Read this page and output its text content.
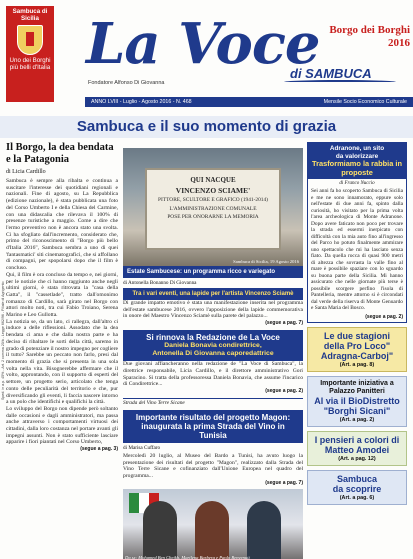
Sambuca di Sicilia
Uno dei Borghi più belli d'Italia La Voce Borgo dei Borghi
2016
di SAMBUCA
Fondatore Alfonso Di Giovanna
ANNO LVIII - Luglio - Agosto 2016 - N. 468	Mensile Socio Economico Culturale
Sambuca e il suo momento di grazia
Il Borgo, la dea bendata e la Patagonia
di Licia Cardillo

Sambuca è sempre alla ribalta e continua a suscitare l'interesse dei quotidiani regionali e nazionali. Fine di agosto, su La Repubblica (edizione nazionale), è stata pubblicata una foto del Corso Umberto I e della Chiesa del Carmine, con una didascalia che rilevava il 100% di presenze turistiche a maggio. Come a dire che l'ermo preventivo non è ancora stato una svolta. Ci ha sfogliato dall'incremento, considerato che, primo del riconoscimento di "Borgo più bello d'Italia 2016", Sambuca sembra a uno di quei 'fantasmatici' siti cinematografici, che si affollano di compagni, per spopolarsi dopo che il film è concluso.

Qui, il film è ora concluso da tempo e, nei giorni, per le notizie che ci hanno raggiunto anche negli ultimi giorni, è stata ritrovata la "casa della Gatta", il "cassetlade", tratto dall'omonimo romanzo di Cardillo, sarà girato nel Borgo con attori molto noti, tra cui Fabio Troiano, Serena Marino e Leo Gullotta.

La notizia se, da un lato, ci rallegra, dall'altro ci induce a delle riflessioni. Assodato che la dea bendata ci ama e che dalla nostra parte e ha deciso di ribaltare le sorti della città, saremo in grado di potenziare il nostro impegno per cogliere il tutto? Sarebbe un peccato non farlo, presi dal momento di grazia che si presenta in una sola volta nella vita. Bisognerebbe affermare che il volto, approntando, con il supporto di esperti del settore, un progetto serio, articolato che tenga conto delle peculiarità del territorio e che, pur diversificando gli eventi, li faccia nascere intorno a un polo che identifichi e qualifichi la città.

Lo sviluppo del Borgo non dipende però soltanto dalle occasioni e dagli amministratori, ma passa anche attraverso i comportamenti virtuosi dei cittadini, dalla loro costanza nel portare avanti gli impegni assunti. Non è stato sufficiente lasciare apparire i fiori piantati nel Corso Umberto,

(segue a pag. 3)
QUI NACQUE
VINCENZO SCIAME'
PITTORE, SCULTORE E GRAFICO (1941-2014)
L'AMMINISTRAZIONE COMUNALE
POSE PER ONORARNE LA MEMORIA
Sambuca di Sicilia, 19 Agosto 2016
Estate Sambucese: un programma ricco e variegato
di Antonella Bonanno Di Giovanna
Tra i vari eventi, una lapide per l'artista Vincenzo Sciamè

Di grande impatto emotivo è stata una manifestazione inserita nel programma dell'estate sambucese 2016, ovvero l'apposizione della lapide commemorativa in onore del Maestro Vincenzo Sciamè sulla parete del palazzo...

(segue a pag. 7)
Si rinnova la Redazione de La Voce
Daniela Bonavia condirettrice,
Antonella Di Giovanna caporedattrice

Due giovani affiancheranno nella redazione de "La Voce di Sambuca", la direttrice responsabile, Licia Cardillo, e il direttore amministrativo Gori Sparacino. Si tratta della professoressa Daniela Bonavia, che assume l'incarico di Condirettrice...

(segue a pag. 2)
Strada del Vino Terre Sicane
Importante risultato del progetto Magon: inaugurata la prima Strada del Vino in Tunisia
di Marisa Cuffaro

Mercoledì 20 luglio, al Museo del Bardo a Tunisi, ha avuto luogo la presentazione dei risultati del progetto "Magon", realizzato dalla Strada del Vino Terre Sicane e cofinanziato dall'Unione Europea nel quadro del programma...

(segue a pag. 7)
Da sx: Mohamed Ben Cheikh, Marilena Barbera e Paolo Benvenuti
Adranone, un sito
da valorizzare
Trasformiamo la rabbia in proposte
di Franco Nuccio

Sei anni fa ho scoperto Sambuca di Sicilia e me ne sono innamorato, eppure solo nell'estate di due anni fa, spinto dalla curiosità, ho visitato per la prima volta l'area archeologica di Monte Adranone. Dopo avere faticato non poco per trovare la strada ed essermi inerpicato con difficoltà con la mia auto fino all'ingresso del Parco ho potuto finalmente ammirare uno spettacolo che mi ha lasciato senza fiato. Da quella rocca di quasi 900 metri di altezza che sovrasta la valle fino al mare è possibile spaziare con lo sguardo su buona parte della Sicilia. Mi hanno assicurato che nelle giornate più terse è possibile scorgere perfino l'isola di Pantelleria, mentre attorno si è circondati dal verde della riserva di Monte Genuardo e Santa Maria del Bosco.

(segue a pag. 2)
Le due stagioni
della Pro Loco"
Adragna-Carboj"
(Art. a pag. 8)
Importante iniziativa a Palazzo Panitteri
Al via il BioDistretto "Borghi Sicani"
(Art. a pag. 2)
I pensieri a colori di Matteo Amodei
(Art. a pag. 12)
Sambuca
da scoprire
(Art. a pag. 6)
Sped. in a.p. 45% - Art. 2 comma 20/b - Legge 662/96 - Filiale di Agrigento
